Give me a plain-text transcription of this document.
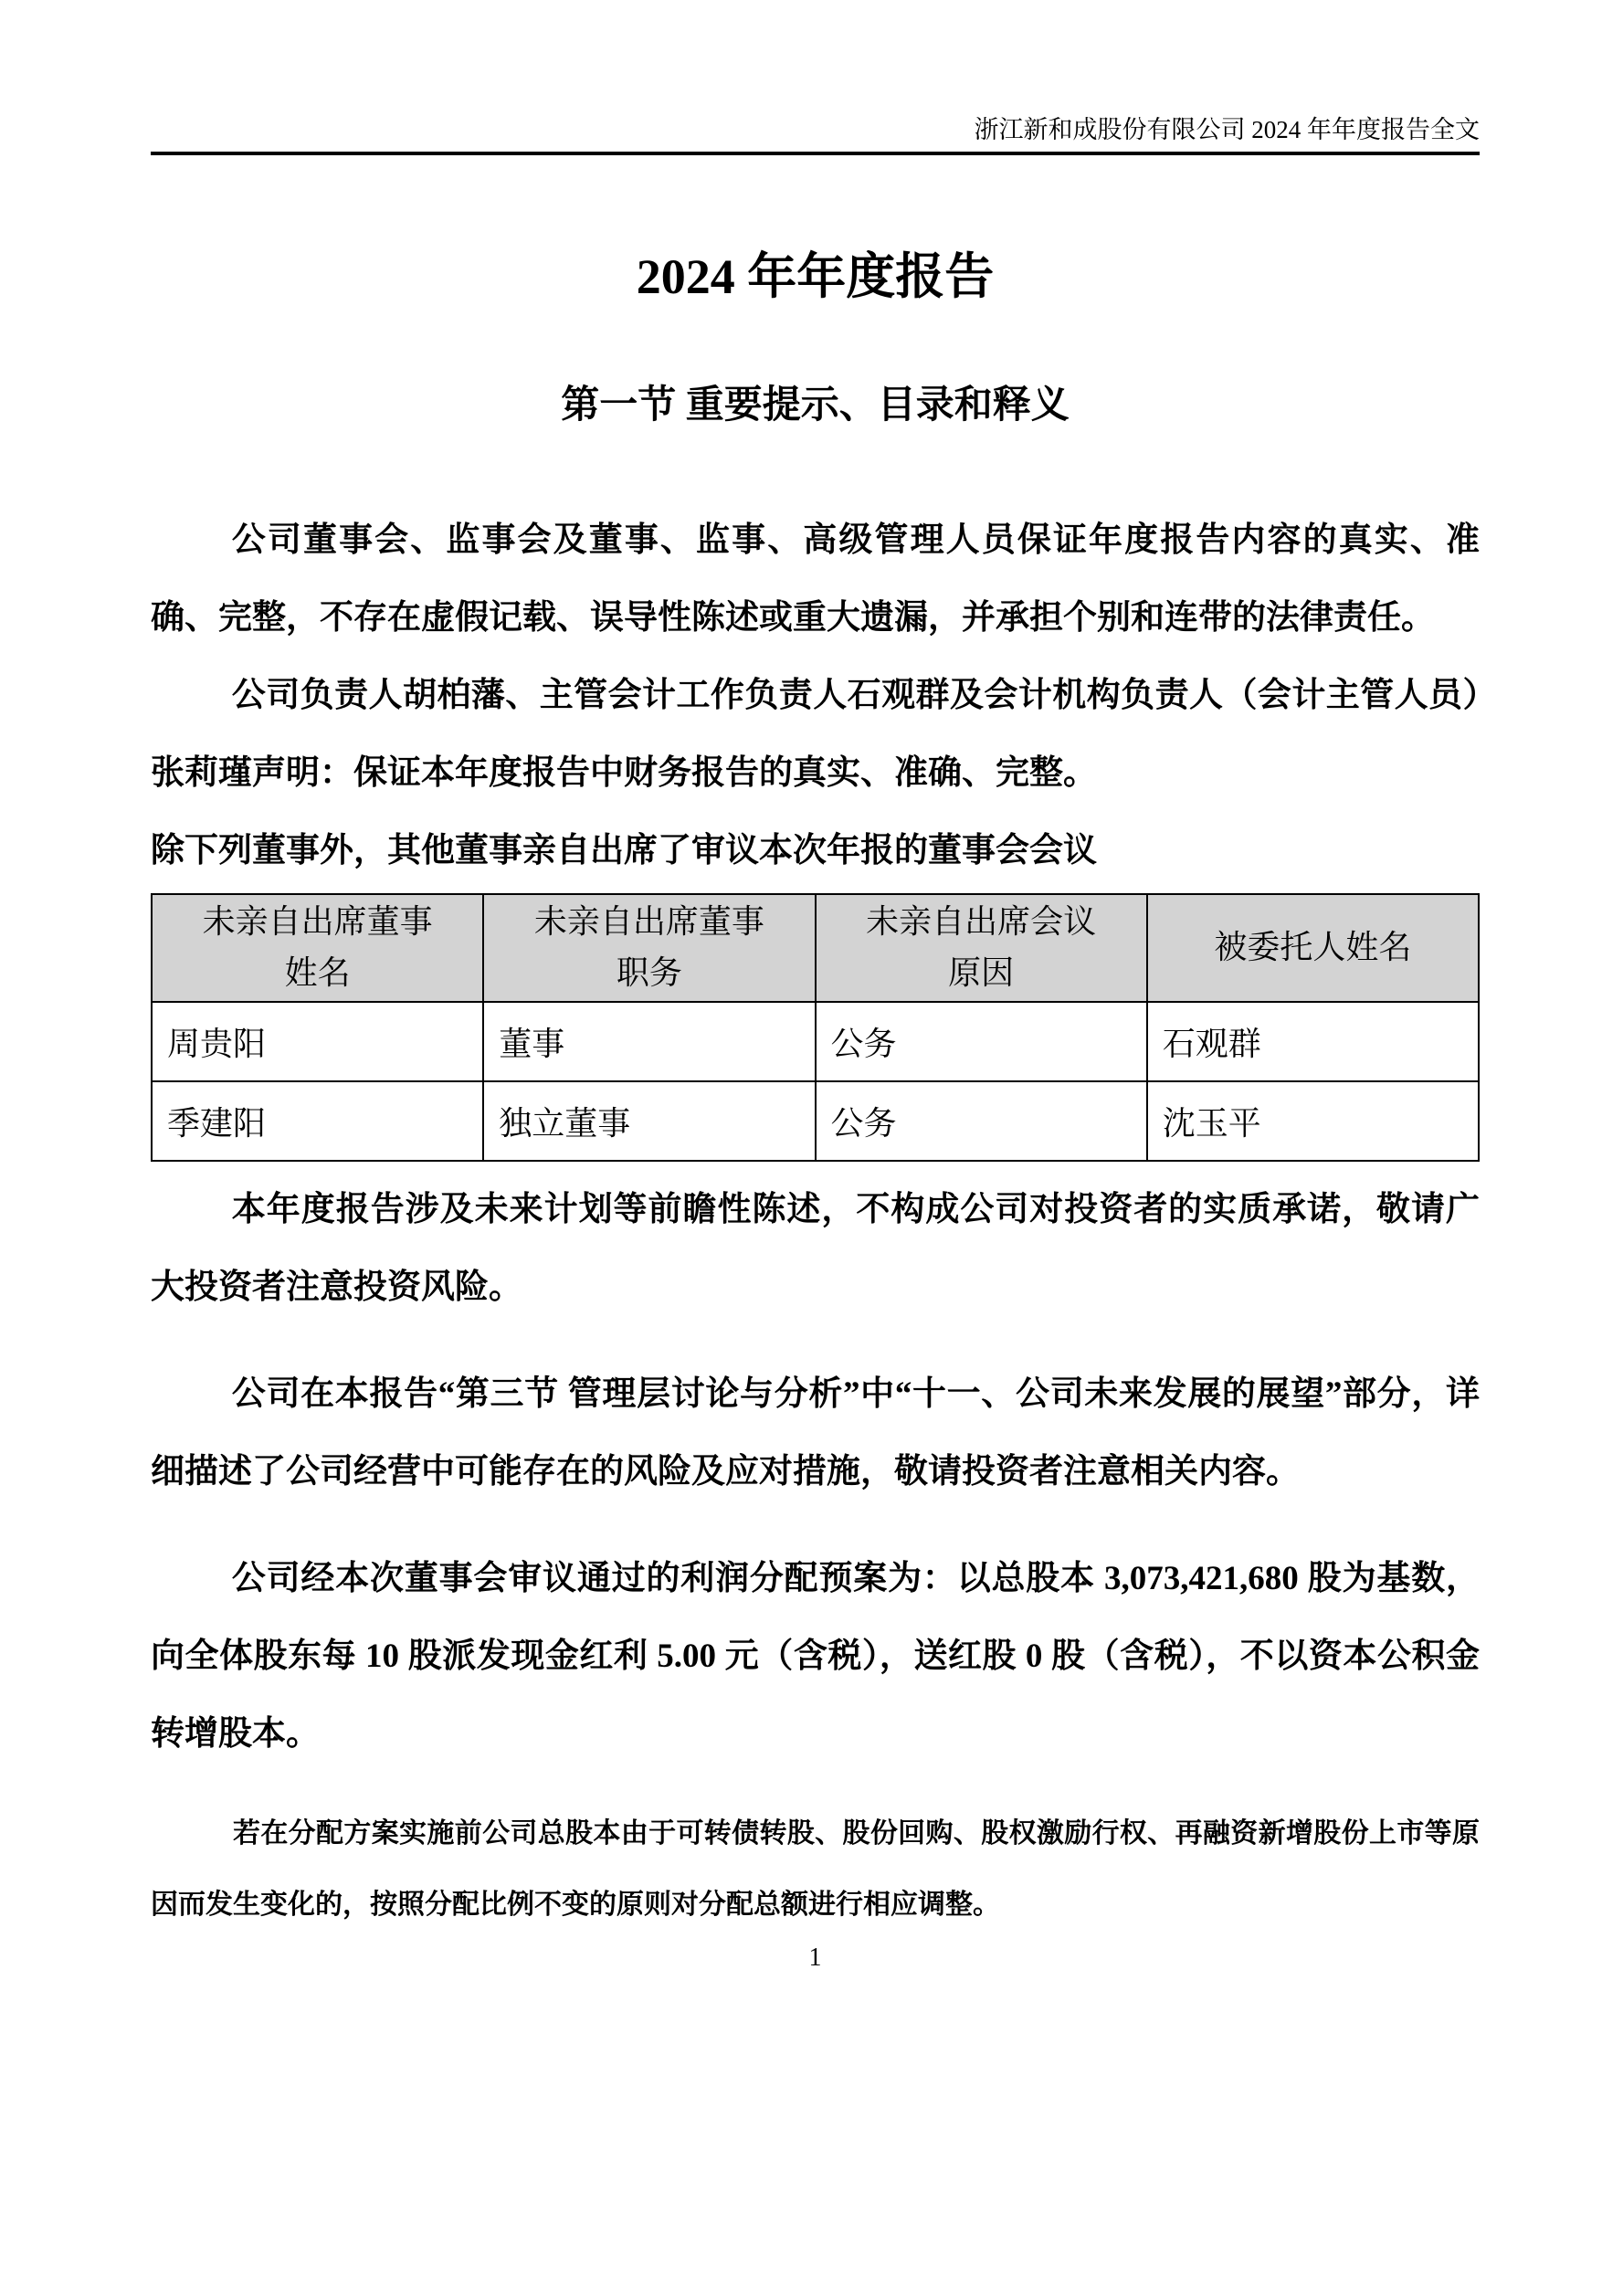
浙江新和成股份有限公司 2024 年年度报告全文
2024 年年度报告
第一节 重要提示、目录和释义

公司董事会、监事会及董事、监事、高级管理人员保证年度报告内容的真实、准确、完整，不存在虚假记载、误导性陈述或重大遗漏，并承担个别和连带的法律责任。

公司负责人胡柏藩、主管会计工作负责人石观群及会计机构负责人（会计主管人员）张莉瑾声明：保证本年度报告中财务报告的真实、准确、完整。

除下列董事外，其他董事亲自出席了审议本次年报的董事会会议

未亲自出席董事姓名	未亲自出席董事职务	未亲自出席会议原因	被委托人姓名
周贵阳	董事	公务	石观群
季建阳	独立董事	公务	沈玉平

本年度报告涉及未来计划等前瞻性陈述，不构成公司对投资者的实质承诺，敬请广大投资者注意投资风险。

公司在本报告“第三节 管理层讨论与分析”中“十一、公司未来发展的展望”部分，详细描述了公司经营中可能存在的风险及应对措施，敬请投资者注意相关内容。

公司经本次董事会审议通过的利润分配预案为：以总股本 3,073,421,680 股为基数，向全体股东每 10 股派发现金红利 5.00 元（含税），送红股 0 股（含税），不以资本公积金转增股本。

若在分配方案实施前公司总股本由于可转债转股、股份回购、股权激励行权、再融资新增股份上市等原因而发生变化的，按照分配比例不变的原则对分配总额进行相应调整。

1
